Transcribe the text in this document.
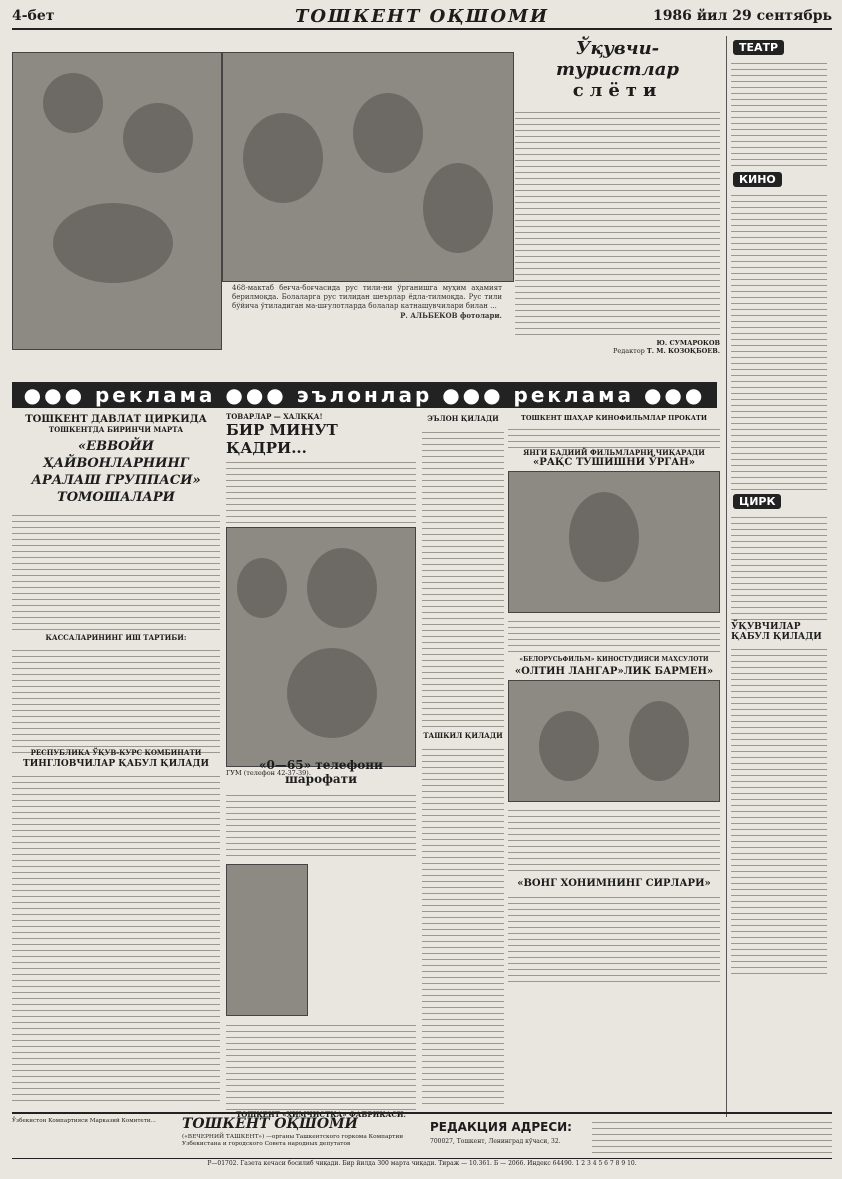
4-бет	ТОШКЕНТ ОҚШОМИ	1986 йил 29 сентябрь
468-мактаб беғча-боғчасида рус тили-ни ўрганишга муҳим аҳамият берилмоқда. Болаларга рус тилидан шеърлар ёдла-тилмоқда. Рус тили бўйича ўтиладиган ма-шғулотларда болалар катнашувчилари билан ...
Р. АЛЬБЕКОВ фотолари.
Ўқувчи-туристлар
слёти
Ю. СУМАРОКОВ
Редактор Т. М. КОЗОҚБОЕВ.
●●● реклама ●●● эълонлар ●●● реклама ●●●
ТОШКЕНТ ДАВЛАТ ЦИРКИДА
ТОШКЕНТДА БИРИНЧИ МАРТА
«ЕВВОЙИ ҲАЙВОНЛАРНИНГ АРАЛАШ ГРУППАСИ» ТОМОШАЛАРИ
КАССАЛАРИНИНГ ИШ ТАРТИБИ:
РЕСПУБЛИКА ЎҚУВ-КУРС КОМБИНАТИ
ТИНГЛОВЧИЛАР ҚАБУЛ ҚИЛАДИ
ТОВАРЛАР — ХАЛҚҚА!
БИР МИНУТ ҚАДРИ...
ГУМ (телефон 42-37-39).
«0—65» телефони шарофати
ТОШКЕНТ «ХИМЧИСТКА» ФАБРИКАСИ.
ЭЪЛОН ҚИЛАДИ
ТАШКИЛ ҚИЛАДИ
ТОШКЕНТ ШАҲАР КИНОФИЛЬМЛАР ПРОКАТИ
ЯНГИ БАДИИЙ ФИЛЬМЛАРНИ ЧИҚАРАДИ
«РАҚС ТУШИШНИ ЎРГАН»
«БЕЛОРУСЬФИЛЬМ» КИНОСТУДИЯСИ МАҲСУЛОТИ
«ОЛТИН ЛАНГАР»ЛИК БАРМЕН»
«ВОНГ ХОНИМНИНГ СИРЛАРИ»
ТЕАТР
КИНО
ЦИРК
ЎҚУВЧИЛАР
ҚАБУЛ ҚИЛАДИ
Ўзбекистон Компартияси Марказий Комитети...	ТОШКЕНТ ОҚШОМИ
(«ВЕЧЕРНИЙ ТАШКЕНТ») —органы Ташкентского горкома Компартии Узбекистана и городского Совета народных депутатов
РЕДАКЦИЯ АДРЕСИ:
700027, Тошкент, Ленинград кўчаси, 32.
Р—01702. Газета кечаси босилиб чиқади. Бир йилда 300 марта чиқади. Тираж — 10.361. Б — 2066. Индекс 64490. 1 2 3 4 5 6 7 8 9 10.
